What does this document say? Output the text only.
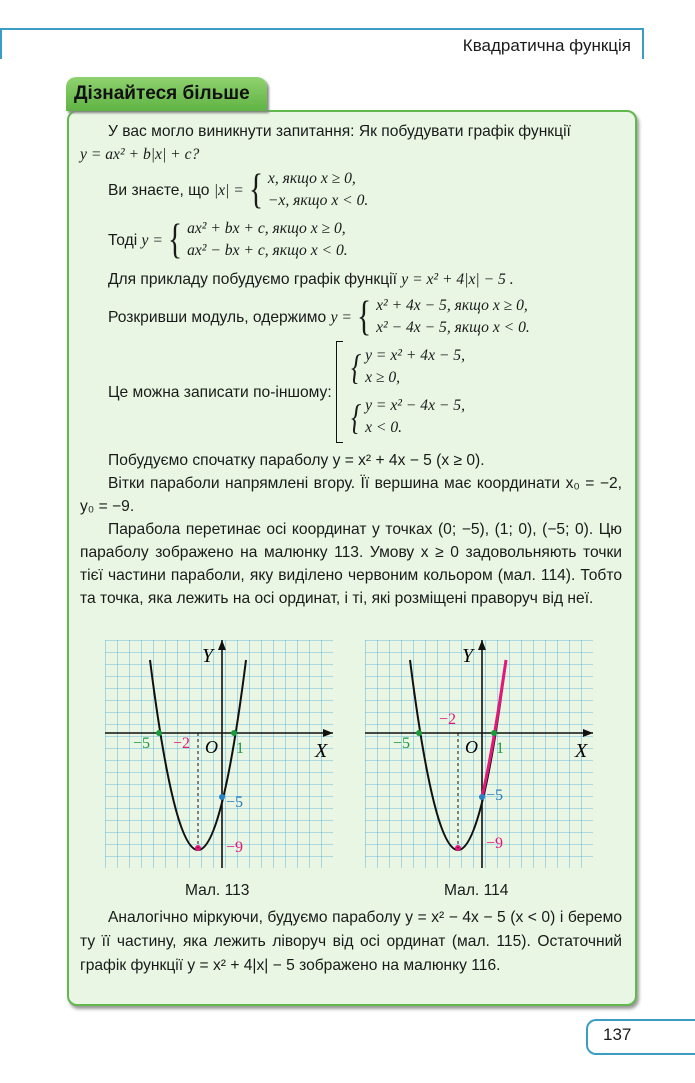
Квадратична функція
Дізнайтеся більше

У вас могло виникнути запитання: Як побудувати графік функції

y = ax² + b|x| + c?

Ви знаєте, що
|x| = { x, якщо x ≥ 0,
−x, якщо x < 0.
Тоді
y = { ax² + bx + c, якщо x ≥ 0,
ax² − bx + c, якщо x < 0.

Для прикладу побудуємо графік функції y = x² + 4|x| − 5 .

Розкривши модуль, одержимо
y = { x² + 4x − 5, якщо x ≥ 0,
x² − 4x − 5, якщо x < 0.
Це можна записати по-іншому:
{ y = x² + 4x − 5,
x ≥ 0,
{ y = x² − 4x − 5,
x < 0.

Побудуємо спочатку параболу y = x² + 4x − 5 (x ≥ 0).

Вітки параболи напрямлені вгору. Її вершина має координати x₀ = −2, y₀ = −9.

Парабола перетинає осі координат у точках (0; −5), (1; 0), (−5; 0). Цю параболу зображено на малюнку 113. Умову x ≥ 0 задовольняють точки тієї частини параболи, яку виділено червоним кольором (мал. 114). Тобто та точка, яка лежить на осі ординат, і ті, які розміщені праворуч від неї.

Y
X
O
−5 −2	1
−5
−9
Y
X
O
−5
−2
1
−5
−9
Мал. 113	Мал. 114

Аналогічно міркуючи, будуємо параболу y = x² − 4x − 5 (x < 0) і беремо ту її частину, яка лежить ліворуч від осі ординат (мал. 115). Остаточний графік функції y = x² + 4|x| − 5 зображено на малюнку 116.

137
